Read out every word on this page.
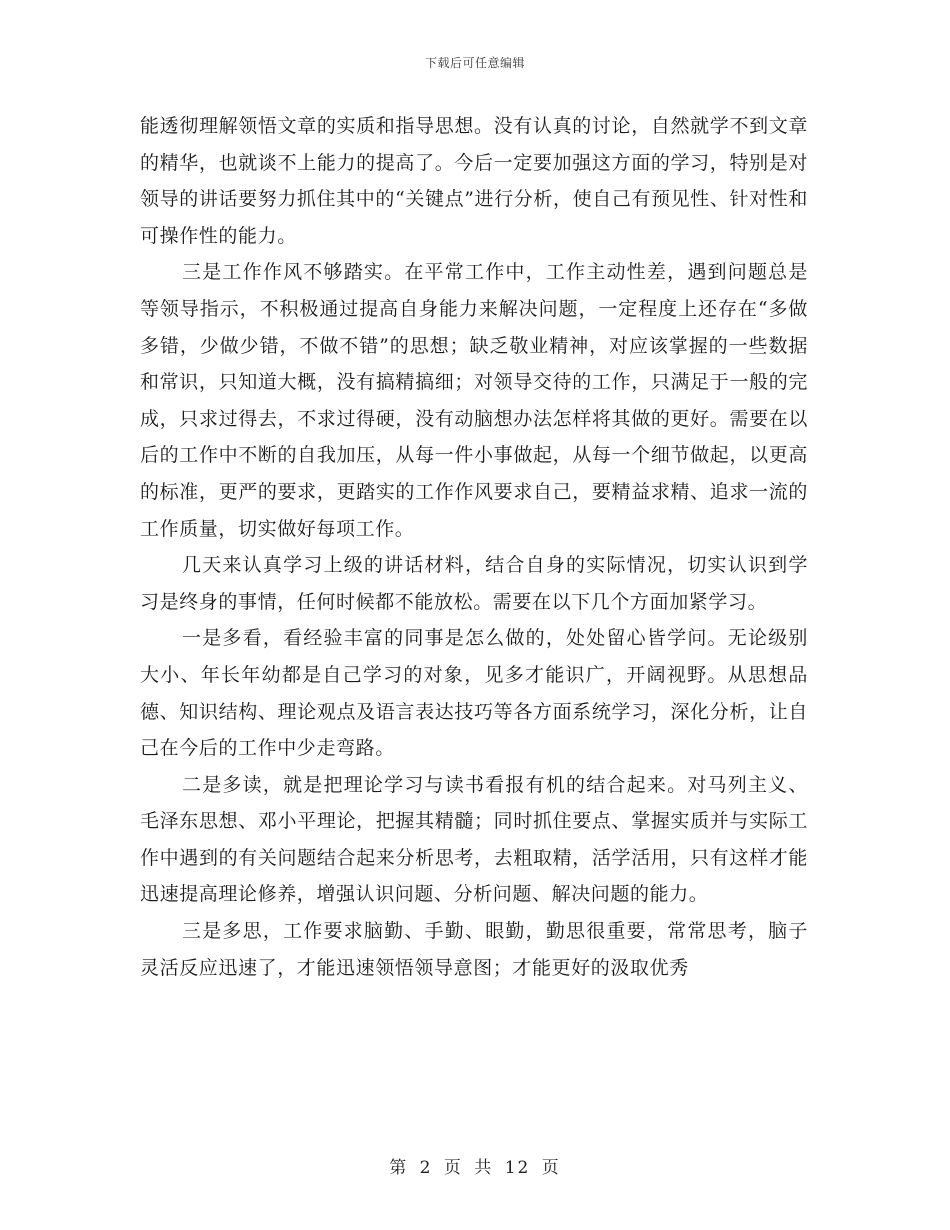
下载后可任意编辑

能透彻理解领悟文章的实质和指导思想。没有认真的讨论，自然就学不到文章的精华，也就谈不上能力的提高了。今后一定要加强这方面的学习，特别是对领导的讲话要努力抓住其中的“关键点”进行分析，使自己有预见性、针对性和可操作性的能力。

三是工作作风不够踏实。在平常工作中，工作主动性差，遇到问题总是等领导指示，不积极通过提高自身能力来解决问题，一定程度上还存在“多做多错，少做少错，不做不错”的思想；缺乏敬业精神，对应该掌握的一些数据和常识，只知道大概，没有搞精搞细；对领导交待的工作，只满足于一般的完成，只求过得去，不求过得硬，没有动脑想办法怎样将其做的更好。需要在以后的工作中不断的自我加压，从每一件小事做起，从每一个细节做起，以更高的标准，更严的要求，更踏实的工作作风要求自己，要精益求精、追求一流的工作质量，切实做好每项工作。

几天来认真学习上级的讲话材料，结合自身的实际情况，切实认识到学习是终身的事情，任何时候都不能放松。需要在以下几个方面加紧学习。

一是多看，看经验丰富的同事是怎么做的，处处留心皆学问。无论级别大小、年长年幼都是自己学习的对象，见多才能识广，开阔视野。从思想品德、知识结构、理论观点及语言表达技巧等各方面系统学习，深化分析，让自己在今后的工作中少走弯路。

二是多读，就是把理论学习与读书看报有机的结合起来。对马列主义、毛泽东思想、邓小平理论，把握其精髓；同时抓住要点、掌握实质并与实际工作中遇到的有关问题结合起来分析思考，去粗取精，活学活用，只有这样才能迅速提高理论修养，增强认识问题、分析问题、解决问题的能力。

三是多思，工作要求脑勤、手勤、眼勤，勤思很重要，常常思考，脑子灵活反应迅速了，才能迅速领悟领导意图；才能更好的汲取优秀

第 2 页 共 12 页
